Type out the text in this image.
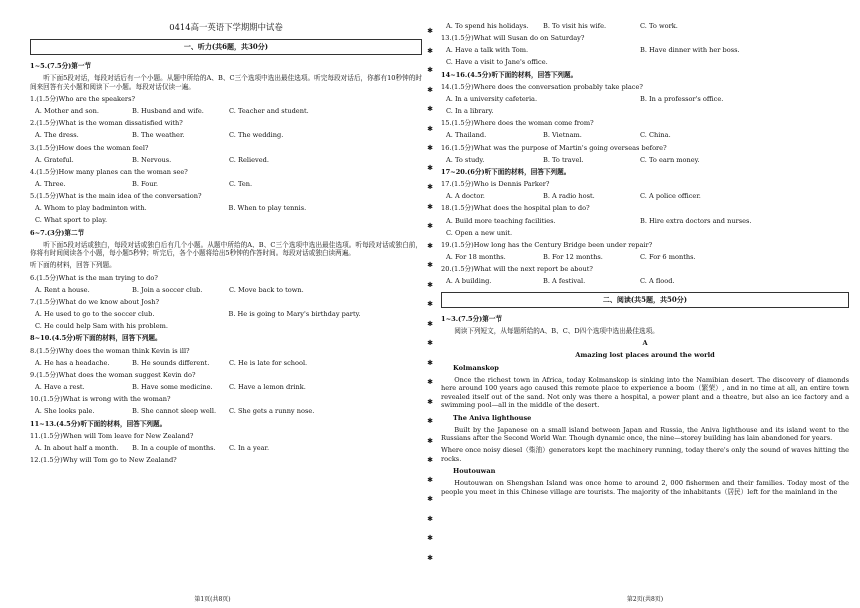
0414高一英语下学期期中试卷
一、听力(共6题，共30分)
1~5.(7.5分)第一节
听下面5段对话，每段对话后有一个小题。从题中所给的A、B、C三个选项中选出最佳选项。听完每段对话后，你都有10秒钟的时间来回答有关小题和阅读下一小题。每段对话仅读一遍。
1.(1.5分)Who are the speakers?
A. Mother and son.	B. Husband and wife.	C. Teacher and student.
2.(1.5分)What is the woman dissatisfied with?
A. The dress.	B. The weather.	C. The wedding.
3.(1.5分)How does the woman feel?
A. Grateful.	B. Nervous.	C. Relieved.
4.(1.5分)How many planes can the woman see?
A. Three.	B. Four.	C. Ten.
5.(1.5分)What is the main idea of the conversation?
A. Whom to play badminton with.	B. When to play tennis.
C. What sport to play.
6~7.(3分)第二节
听下面5段对话或独白，每段对话或独白后有几个小题。从题中所给的A、B、C三个选项中选出最佳选项。听每段对话或独白前，你将有时间阅读各个小题，每小题5秒钟；听完后，各个小题将给出5秒钟的作答时间。每段对话或独白读两遍。
听下面的材料，回答下列题。
6.(1.5分)What is the man trying to do?
A. Rent a house.	B. Join a soccer club.	C. Move back to town.
7.(1.5分)What do we know about Josh?
A. He used to go to the soccer club.	B. He is going to Mary's birthday party.
C. He could help Sam with his problem.
8~10.(4.5分)听下面的材料，回答下列题。
8.(1.5分)Why does the woman think Kevin is ill?
A. He has a headache.	B. He sounds different.	C. He is late for school.
9.(1.5分)What does the woman suggest Kevin do?
A. Have a rest.	B. Have some medicine.	C. Have a lemon drink.
10.(1.5分)What is wrong with the woman?
A. She looks pale.	B. She cannot sleep well.	C. She gets a runny nose.
11~13.(4.5分)听下面的材料，回答下列题。
11.(1.5分)When will Tom leave for New Zealand?
A. In about half a month.	B. In a couple of months.	C. In a year.
12.(1.5分)Why will Tom go to New Zealand?
第1页(共8页)
✱
✱
✱
✱
✱
✱
✱
✱
✱
✱
✱
✱
✱
✱
✱
✱
✱
✱
✱
✱
✱
✱
✱
✱
✱
✱
✱
✱
A. To spend his holidays.	B. To visit his wife.	C. To work.
13.(1.5分)What will Susan do on Saturday?
A. Have a talk with Tom.	B. Have dinner with her boss.
C. Have a visit to Jane's office.
14~16.(4.5分)听下面的材料，回答下列题。
14.(1.5分)Where does the conversation probably take place?
A. In a university cafeteria.	B. In a professor's office.
C. In a library.
15.(1.5分)Where does the woman come from?
A. Thailand.	B. Vietnam.	C. China.
16.(1.5分)What was the purpose of Martin's going overseas before?
A. To study.	B. To travel.	C. To earn money.
17~20.(6分)听下面的材料，回答下列题。
17.(1.5分)Who is Dennis Parker?
A. A doctor.	B. A radio host.	C. A police officer.
18.(1.5分)What does the hospital plan to do?
A. Build more teaching facilities.	B. Hire extra doctors and nurses.
C. Open a new unit.
19.(1.5分)How long has the Century Bridge been under repair?
A. For 18 months.	B. For 12 months.	C. For 6 months.
20.(1.5分)What will the next report be about?
A. A building.	B. A festival.	C. A flood.
二、阅读(共5题，共50分)
1~3.(7.5分)第一节
阅读下列短文，从每题所给的A、B、C、D四个选项中选出最佳选项。
A
Amazing lost places around the world
Kolmanskop
Once the richest town in Africa, today Kolmanskop is sinking into the Namibian desert. The discovery of diamonds here around 100 years ago caused this remote place to experience a boom（繁荣）, and in no time at all, an entire town revealed itself out of the sand. Not only was there a hospital, a power plant and a theatre, but also an ice factory and a swimming pool—all in the middle of the desert.
The Aniva lighthouse
Built by the Japanese on a small island between Japan and Russia, the Aniva lighthouse and its island went to the Russians after the Second World War. Though dynamic once, the nine—storey building has lain abandoned for years.
Where once noisy diesel（柴油）generators kept the machinery running, today there's only the sound of waves hitting the rocks.
Houtouwan
Houtouwan on Shengshan Island was once home to around 2, 000 fishermen and their families. Today most of the people you meet in this Chinese village are tourists. The majority of the inhabitants（居民）left for the mainland in the
第2页(共8页)
